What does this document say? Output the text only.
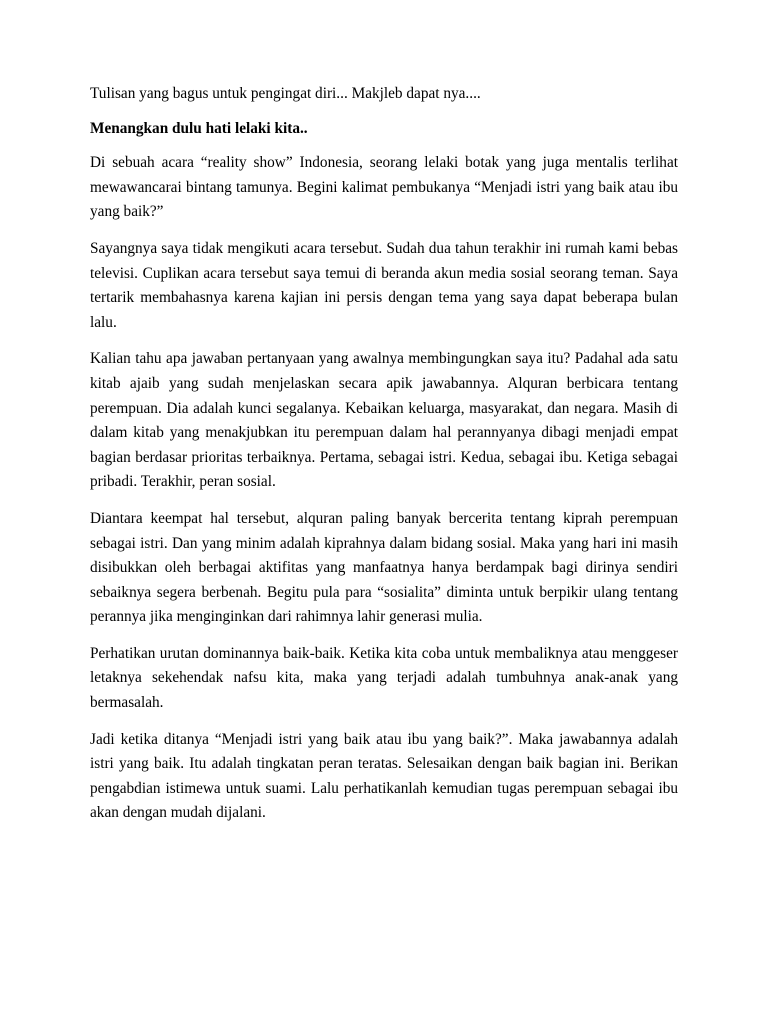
Tulisan yang bagus untuk pengingat diri... Makjleb dapat nya....

Menangkan dulu hati lelaki kita..

Di sebuah acara “reality show” Indonesia, seorang lelaki botak yang juga mentalis terlihat mewawancarai bintang tamunya. Begini kalimat pembukanya “Menjadi istri yang baik atau ibu yang baik?”

Sayangnya saya tidak mengikuti acara tersebut. Sudah dua tahun terakhir ini rumah kami bebas televisi. Cuplikan acara tersebut saya temui di beranda akun media sosial seorang teman. Saya tertarik membahasnya karena kajian ini persis dengan tema yang saya dapat beberapa bulan lalu.

Kalian tahu apa jawaban pertanyaan yang awalnya membingungkan saya itu? Padahal ada satu kitab ajaib yang sudah menjelaskan secara apik jawabannya. Alquran berbicara tentang perempuan. Dia adalah kunci segalanya. Kebaikan keluarga, masyarakat, dan negara. Masih di dalam kitab yang menakjubkan itu perempuan dalam hal perannyanya dibagi menjadi empat bagian berdasar prioritas terbaiknya. Pertama, sebagai istri. Kedua, sebagai ibu. Ketiga sebagai pribadi. Terakhir, peran sosial.

Diantara keempat hal tersebut, alquran paling banyak bercerita tentang kiprah perempuan sebagai istri. Dan yang minim adalah kiprahnya dalam bidang sosial. Maka yang hari ini masih disibukkan oleh berbagai aktifitas yang manfaatnya hanya berdampak bagi dirinya sendiri sebaiknya segera berbenah. Begitu pula para “sosialita” diminta untuk berpikir ulang tentang perannya jika menginginkan dari rahimnya lahir generasi mulia.

Perhatikan urutan dominannya baik-baik. Ketika kita coba untuk membaliknya atau menggeser letaknya sekehendak nafsu kita, maka yang terjadi adalah tumbuhnya anak-anak yang bermasalah.

Jadi ketika ditanya “Menjadi istri yang baik atau ibu yang baik?”. Maka jawabannya adalah istri yang baik. Itu adalah tingkatan peran teratas. Selesaikan dengan baik bagian ini. Berikan pengabdian istimewa untuk suami. Lalu perhatikanlah kemudian tugas perempuan sebagai ibu akan dengan mudah dijalani.
